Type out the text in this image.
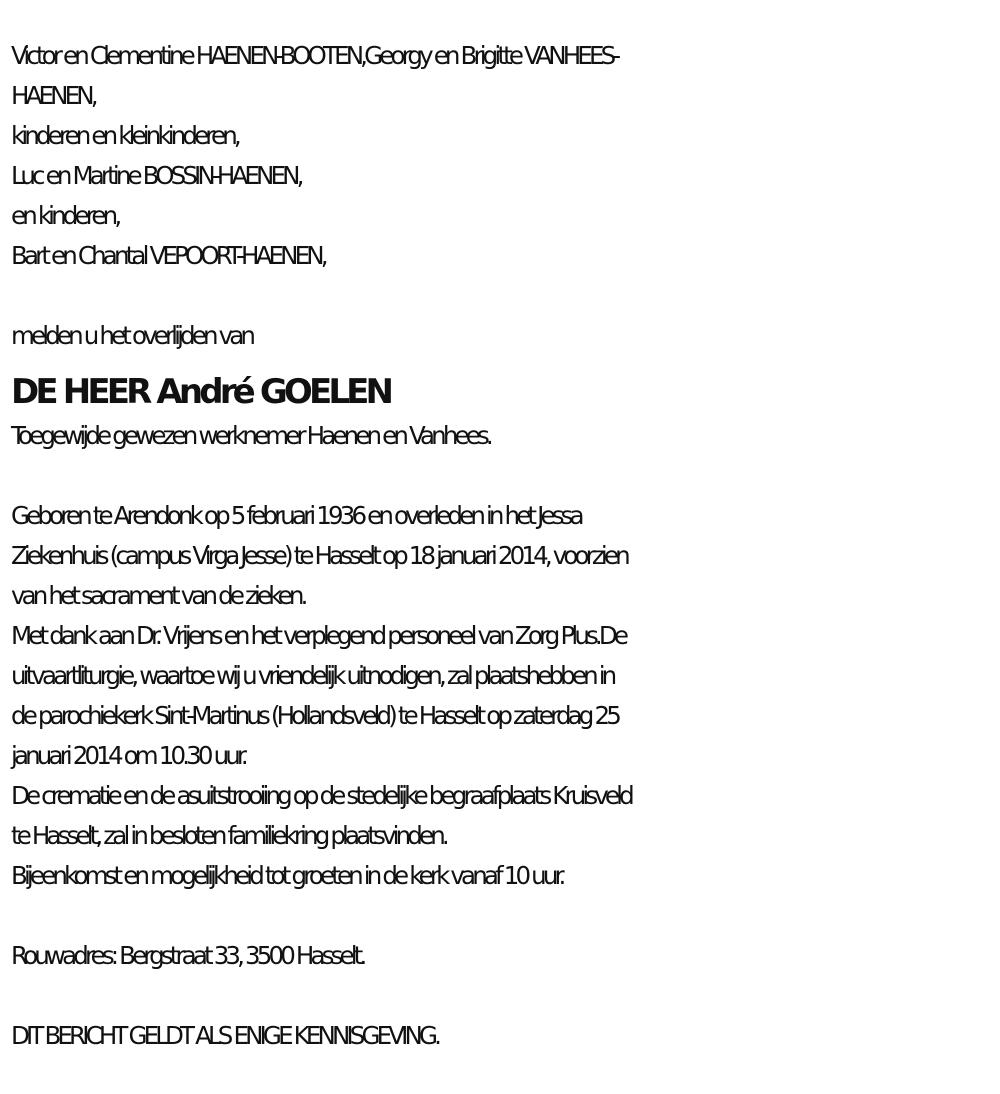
Victor en Clementine HAENEN-BOOTEN,Georgy en Brigitte VANHEES-
HAENEN,
kinderen en kleinkinderen,
Luc en Martine BOSSIN-HAENEN,
en kinderen,
Bart en Chantal VEPOORT-HAENEN,
melden u het overlijden van
DE HEER André GOELEN
Toegewijde gewezen werknemer Haenen en Vanhees.
Geboren te Arendonk op 5 februari 1936 en overleden in het Jessa
Ziekenhuis (campus Virga Jesse) te Hasselt op 18 januari 2014, voorzien
van het sacrament van de zieken.
Met dank aan Dr. Vrijens en het verplegend personeel van Zorg Plus.De
uitvaartliturgie, waartoe wij u vriendelijk uitnodigen, zal plaatshebben in
de parochiekerk Sint-Martinus (Hollandsveld) te Hasselt op zaterdag 25
januari 2014 om 10.30 uur.
De crematie en de asuitstrooiing op de stedelijke begraafplaats Kruisveld
te Hasselt, zal in besloten familiekring plaatsvinden.
Bijeenkomst en mogelijkheid tot groeten in de kerk vanaf 10 uur.
Rouwadres: Bergstraat 33, 3500 Hasselt.
DIT BERICHT GELDT ALS ENIGE KENNISGEVING.
